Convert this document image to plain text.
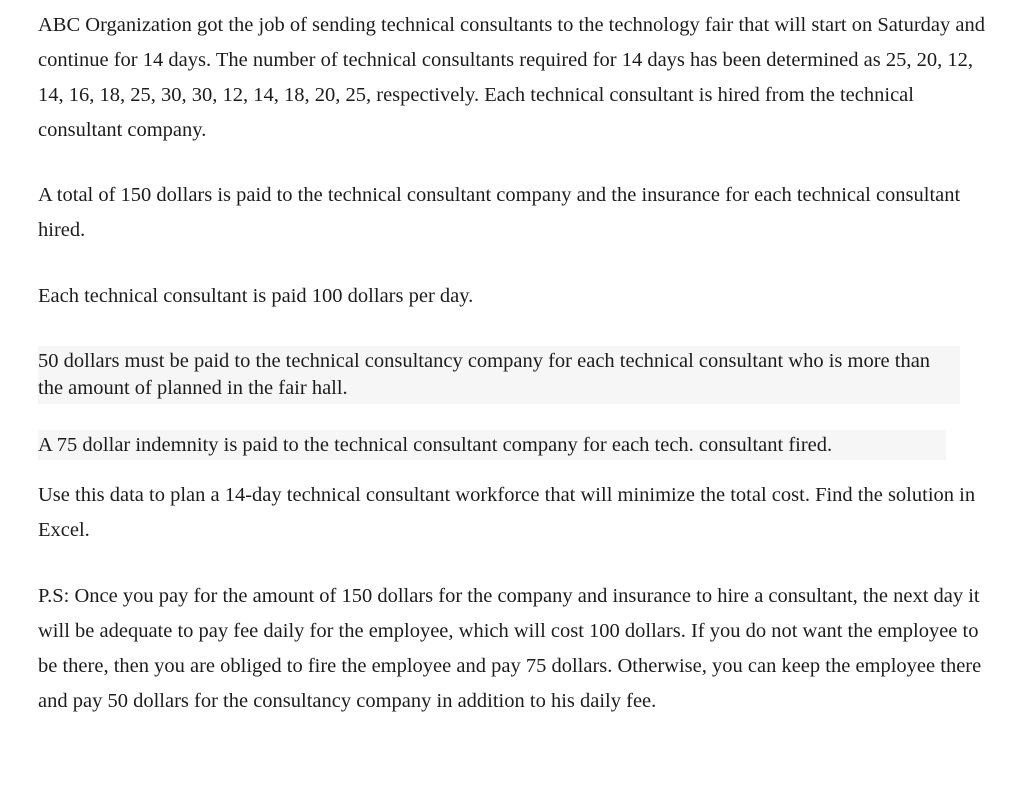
ABC Organization got the job of sending technical consultants to the technology fair that will start on Saturday and continue for 14 days. The number of technical consultants required for 14 days has been determined as 25, 20, 12, 14, 16, 18, 25, 30, 30, 12, 14, 18, 20, 25, respectively. Each technical consultant is hired from the technical consultant company.

A total of 150 dollars is paid to the technical consultant company and the insurance for each technical consultant hired.

Each technical consultant is paid 100 dollars per day.

50 dollars must be paid to the technical consultancy company for each technical consultant who is more than the amount of planned in the fair hall.

A 75 dollar indemnity is paid to the technical consultant company for each tech. consultant fired.

Use this data to plan a 14-day technical consultant workforce that will minimize the total cost. Find the solution in Excel.

P.S: Once you pay for the amount of 150 dollars for the company and insurance to hire a consultant, the next day it will be adequate to pay fee daily for the employee, which will cost 100 dollars. If you do not want the employee to be there, then you are obliged to fire the employee and pay 75 dollars. Otherwise, you can keep the employee there and pay 50 dollars for the consultancy company in addition to his daily fee.
